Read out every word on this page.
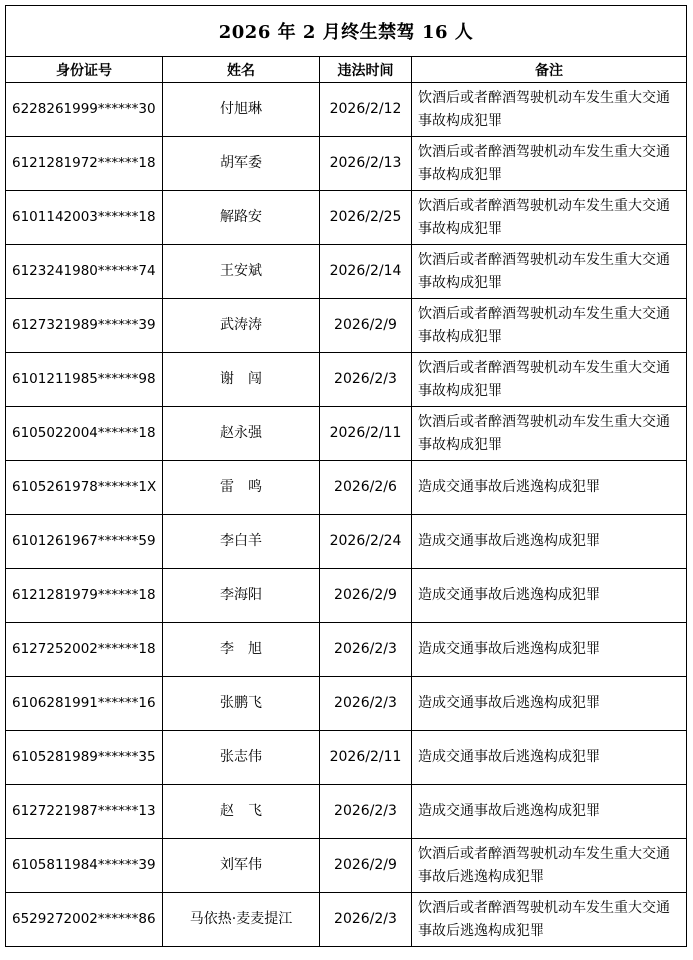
2026 年 2 月终生禁驾 16 人			
身份证号	姓名	违法时间	备注
6228261999******30	付旭琳	2026/2/12	饮酒后或者醉酒驾驶机动车发生重大交通事故构成犯罪
6121281972******18	胡军委	2026/2/13	饮酒后或者醉酒驾驶机动车发生重大交通事故构成犯罪
6101142003******18	解路安	2026/2/25	饮酒后或者醉酒驾驶机动车发生重大交通事故构成犯罪
6123241980******74	王安斌	2026/2/14	饮酒后或者醉酒驾驶机动车发生重大交通事故构成犯罪
6127321989******39	武涛涛	2026/2/9	饮酒后或者醉酒驾驶机动车发生重大交通事故构成犯罪
6101211985******98	谢　闯	2026/2/3	饮酒后或者醉酒驾驶机动车发生重大交通事故构成犯罪
6105022004******18	赵永强	2026/2/11	饮酒后或者醉酒驾驶机动车发生重大交通事故构成犯罪
6105261978******1X	雷　鸣	2026/2/6	造成交通事故后逃逸构成犯罪
6101261967******59	李白羊	2026/2/24	造成交通事故后逃逸构成犯罪
6121281979******18	李海阳	2026/2/9	造成交通事故后逃逸构成犯罪
6127252002******18	李　旭	2026/2/3	造成交通事故后逃逸构成犯罪
6106281991******16	张鹏飞	2026/2/3	造成交通事故后逃逸构成犯罪
6105281989******35	张志伟	2026/2/11	造成交通事故后逃逸构成犯罪
6127221987******13	赵　飞	2026/2/3	造成交通事故后逃逸构成犯罪
6105811984******39	刘军伟	2026/2/9	饮酒后或者醉酒驾驶机动车发生重大交通事故后逃逸构成犯罪
6529272002******86	马依热·麦麦提江	2026/2/3	饮酒后或者醉酒驾驶机动车发生重大交通事故后逃逸构成犯罪
